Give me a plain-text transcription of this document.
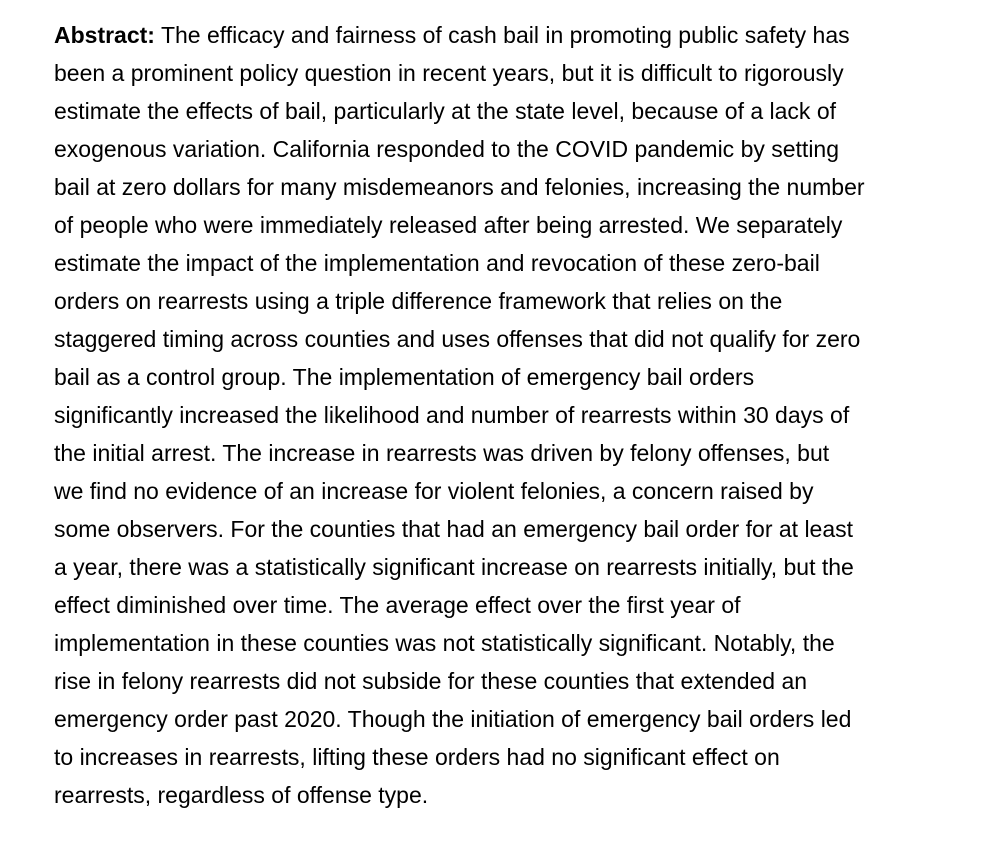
Abstract: The efficacy and fairness of cash bail in promoting public safety has
been a prominent policy question in recent years, but it is difficult to rigorously
estimate the effects of bail, particularly at the state level, because of a lack of
exogenous variation. California responded to the COVID pandemic by setting
bail at zero dollars for many misdemeanors and felonies, increasing the number
of people who were immediately released after being arrested. We separately
estimate the impact of the implementation and revocation of these zero-bail
orders on rearrests using a triple difference framework that relies on the
staggered timing across counties and uses offenses that did not qualify for zero
bail as a control group. The implementation of emergency bail orders
significantly increased the likelihood and number of rearrests within 30 days of
the initial arrest. The increase in rearrests was driven by felony offenses, but
we find no evidence of an increase for violent felonies, a concern raised by
some observers. For the counties that had an emergency bail order for at least
a year, there was a statistically significant increase on rearrests initially, but the
effect diminished over time. The average effect over the first year of
implementation in these counties was not statistically significant. Notably, the
rise in felony rearrests did not subside for these counties that extended an
emergency order past 2020. Though the initiation of emergency bail orders led
to increases in rearrests, lifting these orders had no significant effect on
rearrests, regardless of offense type.
